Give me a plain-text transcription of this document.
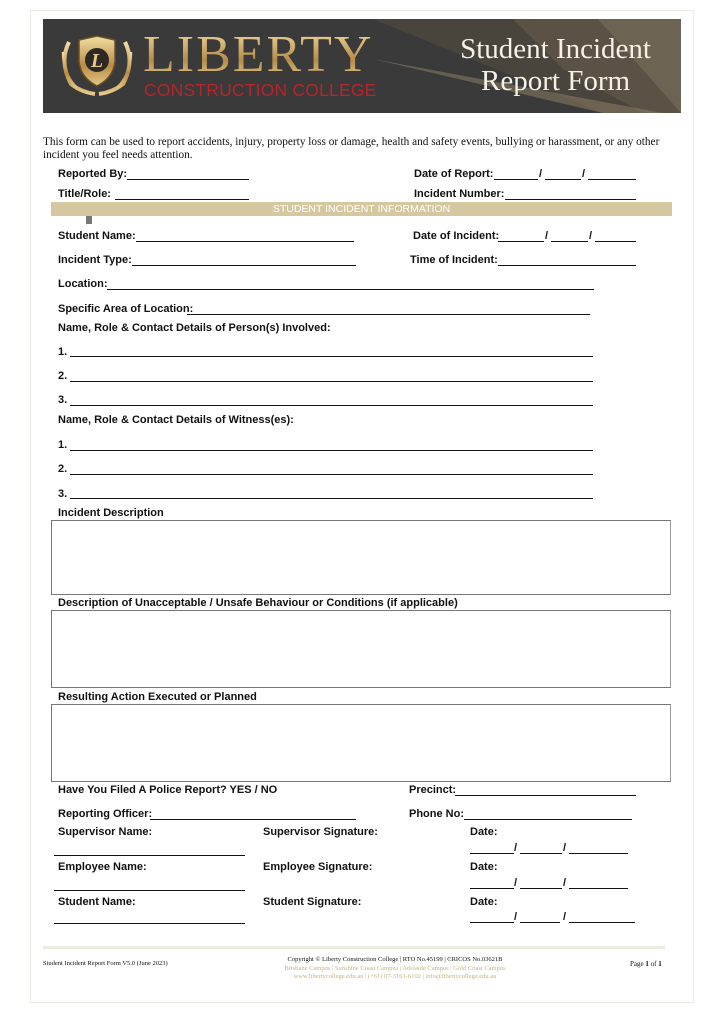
L LIBERTY
CONSTRUCTION COLLEGE
Student Incident
Report Form
This form can be used to report accidents, injury, property loss or damage, health and safety events, bullying or harassment, or any other incident you feel needs attention.
Reported By:	Date of Report:	/	/
Title/Role:	Incident Number:
STUDENT INCIDENT INFORMATION
Student Name:	Date of Incident:	/	/
Incident Type:	Time of Incident:
Location:
Specific Area of Location:
Name, Role & Contact Details of Person(s) Involved:
1.
2.
3.
Name, Role & Contact Details of Witness(es):
1.
2.
3.
Incident Description
Description of Unacceptable / Unsafe Behaviour or Conditions (if applicable)
Resulting Action Executed or Planned
Have You Filed A Police Report? YES / NO	Precinct:
Reporting Officer:	Phone No:
Supervisor Name:	Supervisor Signature:	Date:
/	/
Employee Name:	Employee Signature:	Date:
/	/
Student Name:	Student Signature:	Date:
/	/
Student Incident Report Form V5.0 (June 2023)
Copyright © Liberty Construction College | RTO No.45199 | CRICOS No.03621B
Brisbane Campus | Sunshine Coast Campus | Adelaide Campus | Gold Coast Campus
www.libertycollege.edu.au | (+61) 07-3161-6102 | info@libertycollege.edu.au
Page 1 of 1
